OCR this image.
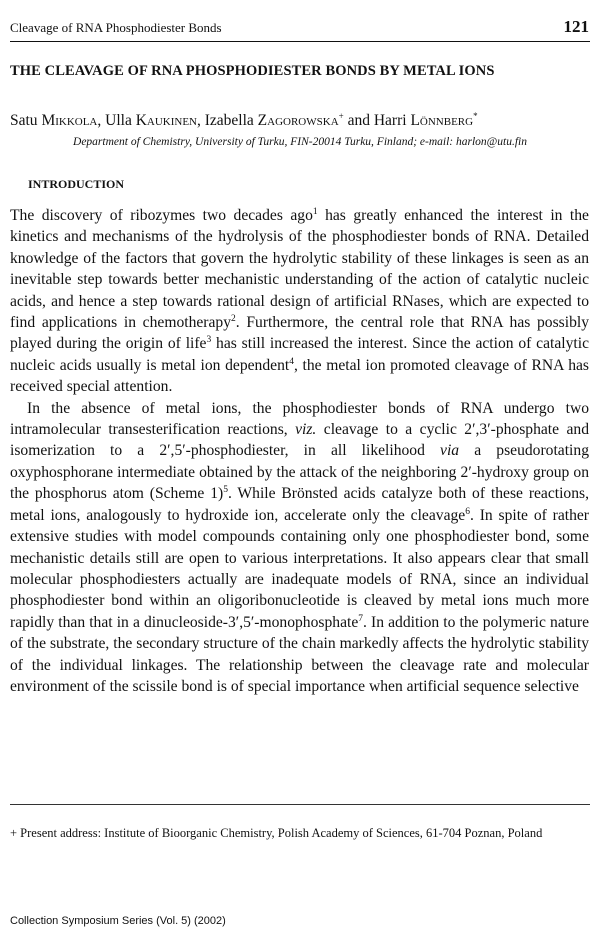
Cleavage of RNA Phosphodiester Bonds	121
THE CLEAVAGE OF RNA PHOSPHODIESTER BONDS BY METAL IONS
Satu Mikkola, Ulla Kaukinen, Izabella Zagorowska+ and Harri Lönnberg*
Department of Chemistry, University of Turku, FIN-20014 Turku, Finland; e-mail: harlon@utu.fin
INTRODUCTION

The discovery of ribozymes two decades ago$^1$ has greatly enhanced the interest in the kinetics and mechanisms of the hydrolysis of the phosphodiester bonds of RNA. Detailed knowledge of the factors that govern the hydrolytic stability of these linkages is seen as an inevitable step towards better mechanistic understanding of the action of catalytic nucleic acids, and hence a step towards rational design of artificial RNases, which are expected to find applications in chemotherapy$^2$. Furthermore, the central role that RNA has possibly played during the origin of life$^3$ has still increased the interest. Since the action of catalytic nucleic acids usually is metal ion dependent$^4$, the metal ion promoted cleavage of RNA has received special attention.

In the absence of metal ions, the phosphodiester bonds of RNA undergo two intramolecular transesterification reactions, viz. cleavage to a cyclic 2′,3′-phosphate and isomerization to a 2′,5′-phosphodiester, in all likelihood via a pseudorotating oxyphosphorane intermediate obtained by the attack of the neighboring 2′-hydroxy group on the phosphorus atom (Scheme 1)$^5$. While Brönsted acids catalyze both of these reactions, metal ions, analogously to hydroxide ion, accelerate only the cleavage$^6$. In spite of rather extensive studies with model compounds containing only one phosphodiester bond, some mechanistic details still are open to various interpretations. It also appears clear that small molecular phosphodiesters actually are inadequate models of RNA, since an individual phosphodiester bond within an oligoribonucleotide is cleaved by metal ions much more rapidly than that in a dinucleoside-3′,5′-monophosphate$^7$. In addition to the polymeric nature of the substrate, the secondary structure of the chain markedly affects the hydrolytic stability of the individual linkages. The relationship between the cleavage rate and molecular environment of the scissile bond is of special importance when artificial sequence selective

+ Present address: Institute of Bioorganic Chemistry, Polish Academy of Sciences, 61-704 Poznan, Poland
Collection Symposium Series (Vol. 5) (2002)
